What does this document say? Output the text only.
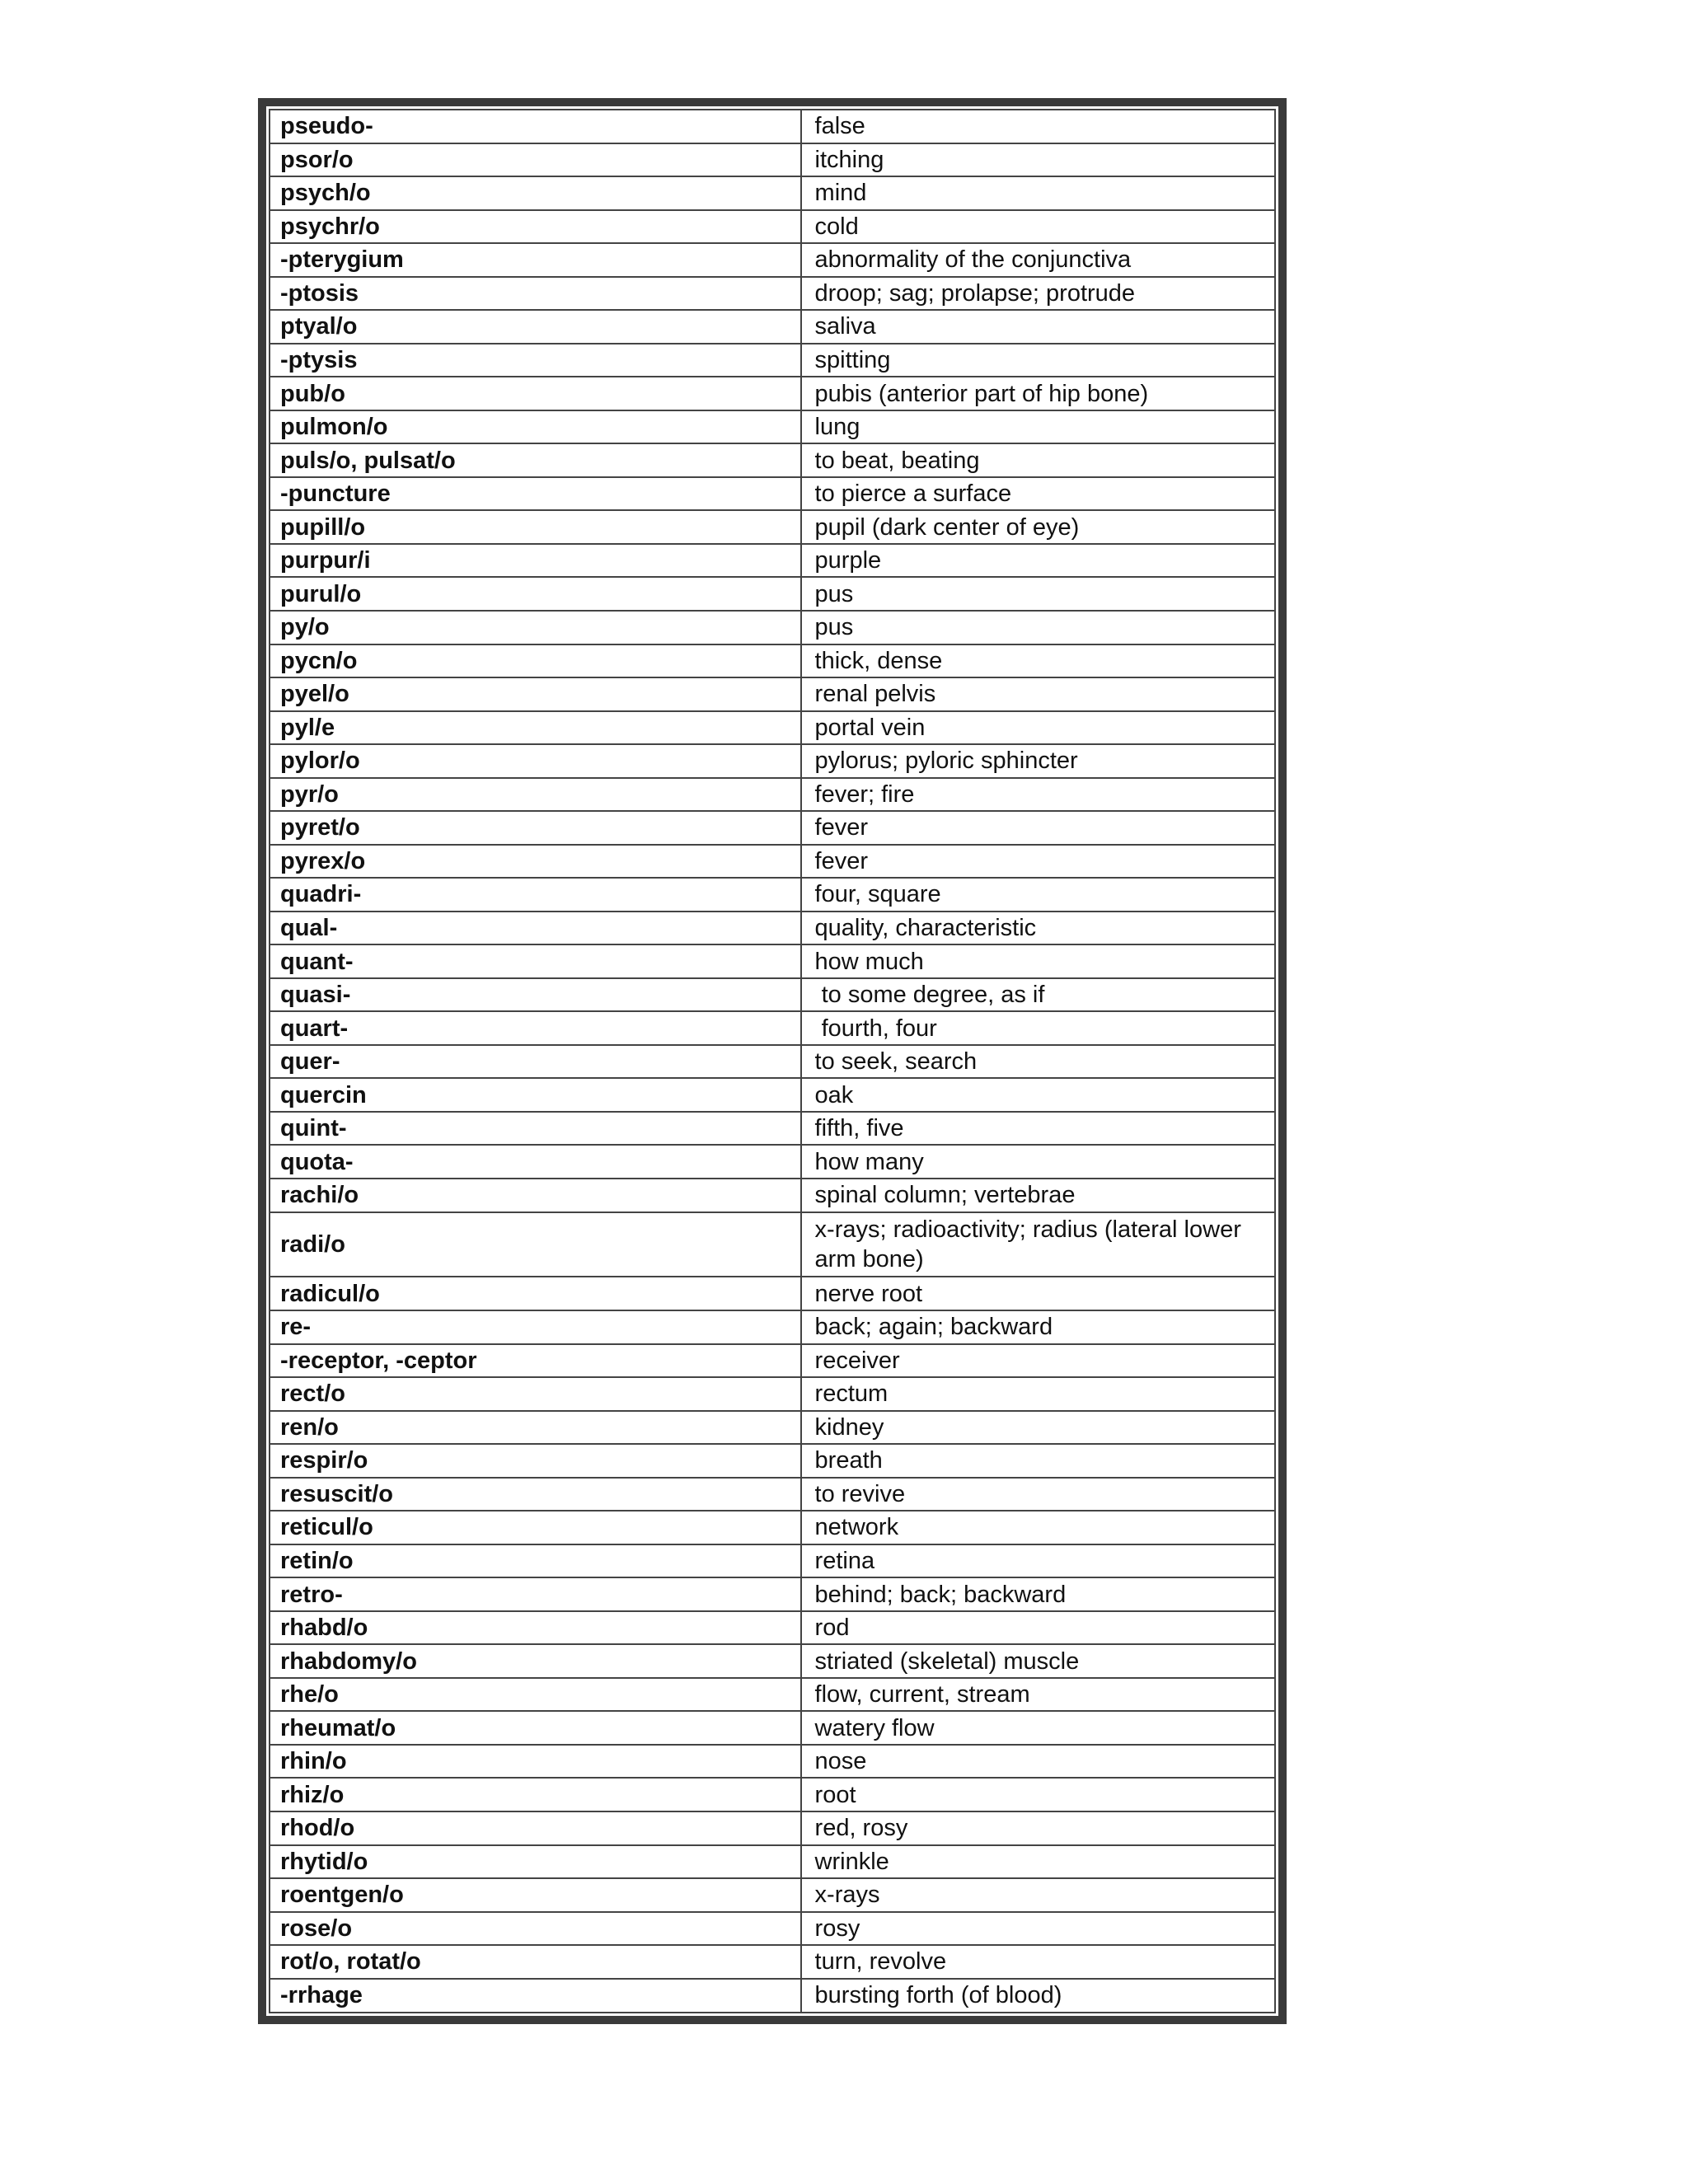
pseudo-	false
psor/o	itching
psych/o	mind
psychr/o	cold
-pterygium	abnormality of the conjunctiva
-ptosis	droop; sag; prolapse; protrude
ptyal/o	saliva
-ptysis	spitting
pub/o	pubis (anterior part of hip bone)
pulmon/o	lung
puls/o, pulsat/o	to beat, beating
-puncture	to pierce a surface
pupill/o	pupil (dark center of eye)
purpur/i	purple
purul/o	pus
py/o	pus
pycn/o	thick, dense
pyel/o	renal pelvis
pyl/e	portal vein
pylor/o	pylorus; pyloric sphincter
pyr/o	fever; fire
pyret/o	fever
pyrex/o	fever
quadri-	four, square
qual-	quality, characteristic
quant-	how much
quasi-	to some degree, as if
quart-	fourth, four
quer-	to seek, search
quercin	oak
quint-	fifth, five
quota-	how many
rachi/o	spinal column; vertebrae
radi/o	x-rays; radioactivity; radius (lateral lower arm bone)
radicul/o	nerve root
re-	back; again; backward
-receptor, -ceptor	receiver
rect/o	rectum
ren/o	kidney
respir/o	breath
resuscit/o	to revive
reticul/o	network
retin/o	retina
retro-	behind; back; backward
rhabd/o	rod
rhabdomy/o	striated (skeletal) muscle
rhe/o	flow, current, stream
rheumat/o	watery flow
rhin/o	nose
rhiz/o	root
rhod/o	red, rosy
rhytid/o	wrinkle
roentgen/o	x-rays
rose/o	rosy
rot/o, rotat/o	turn, revolve
-rrhage	bursting forth (of blood)
